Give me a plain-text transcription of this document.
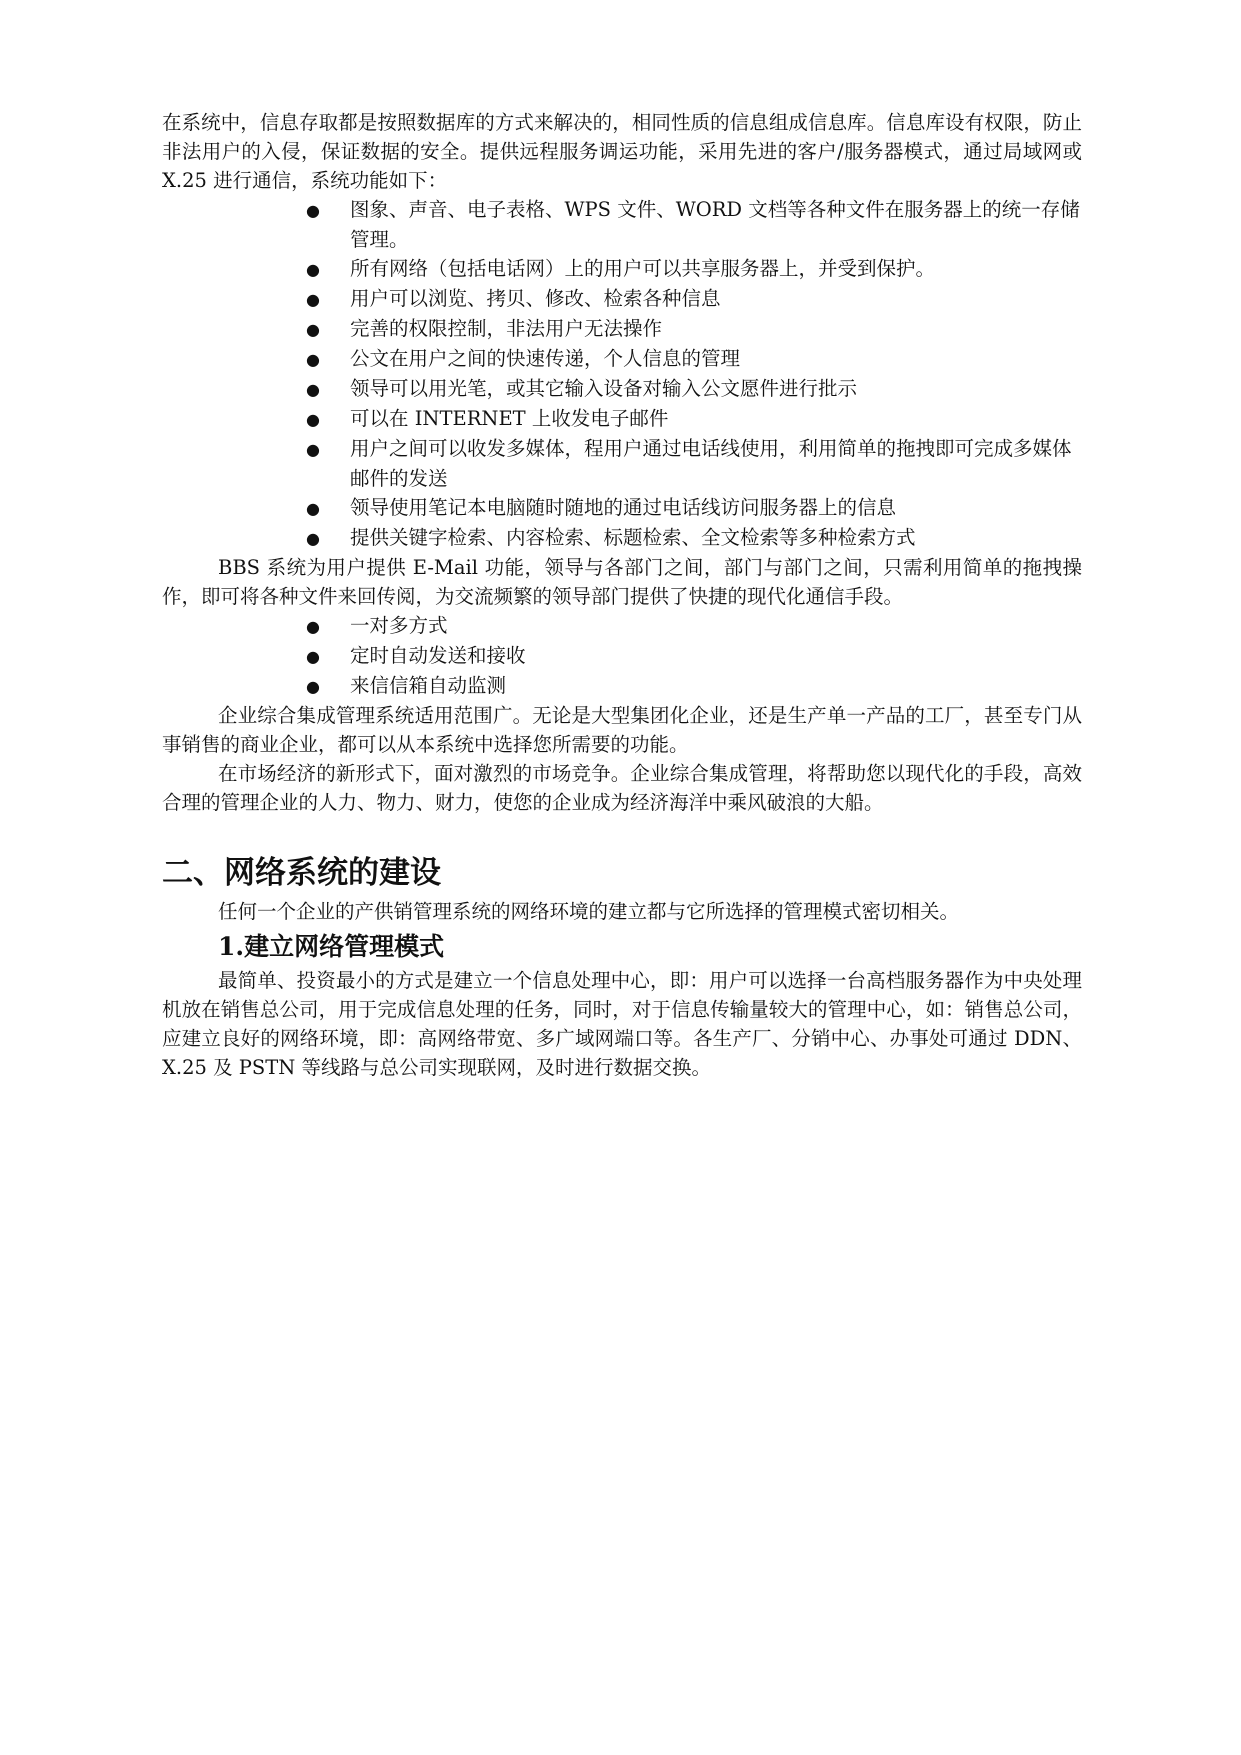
在系统中，信息存取都是按照数据库的方式来解决的，相同性质的信息组成信息库。信息库设有权限，防止非法用户的入侵，保证数据的安全。提供远程服务调运功能，采用先进的客户/服务器模式，通过局域网或 X.25 进行通信，系统功能如下：

● 图象、声音、电子表格、WPS 文件、WORD 文档等各种文件在服务器上的统一存储管理。
● 所有网络（包括电话网）上的用户可以共享服务器上，并受到保护。
● 用户可以浏览、拷贝、修改、检索各种信息
● 完善的权限控制，非法用户无法操作
● 公文在用户之间的快速传递，个人信息的管理
● 领导可以用光笔，或其它输入设备对输入公文愿件进行批示
● 可以在 INTERNET 上收发电子邮件
● 用户之间可以收发多媒体，程用户通过电话线使用，利用简单的拖拽即可完成多媒体邮件的发送
● 领导使用笔记本电脑随时随地的通过电话线访问服务器上的信息
● 提供关键字检索、内容检索、标题检索、全文检索等多种检索方式

BBS 系统为用户提供 E-Mail 功能，领导与各部门之间，部门与部门之间，只需利用简单的拖拽操作，即可将各种文件来回传阅，为交流频繁的领导部门提供了快捷的现代化通信手段。

● 一对多方式
● 定时自动发送和接收
● 来信信箱自动监测

企业综合集成管理系统适用范围广。无论是大型集团化企业，还是生产单一产品的工厂，甚至专门从事销售的商业企业，都可以从本系统中选择您所需要的功能。

在市场经济的新形式下，面对激烈的市场竞争。企业综合集成管理，将帮助您以现代化的手段，高效合理的管理企业的人力、物力、财力，使您的企业成为经济海洋中乘风破浪的大船。

二、网络系统的建设

任何一个企业的产供销管理系统的网络环境的建立都与它所选择的管理模式密切相关。

1.建立网络管理模式

最简单、投资最小的方式是建立一个信息处理中心，即：用户可以选择一台高档服务器作为中央处理机放在销售总公司，用于完成信息处理的任务，同时，对于信息传输量较大的管理中心，如：销售总公司，应建立良好的网络环境，即：高网络带宽、多广域网端口等。各生产厂、分销中心、办事处可通过 DDN、X.25 及 PSTN 等线路与总公司实现联网，及时进行数据交换。
